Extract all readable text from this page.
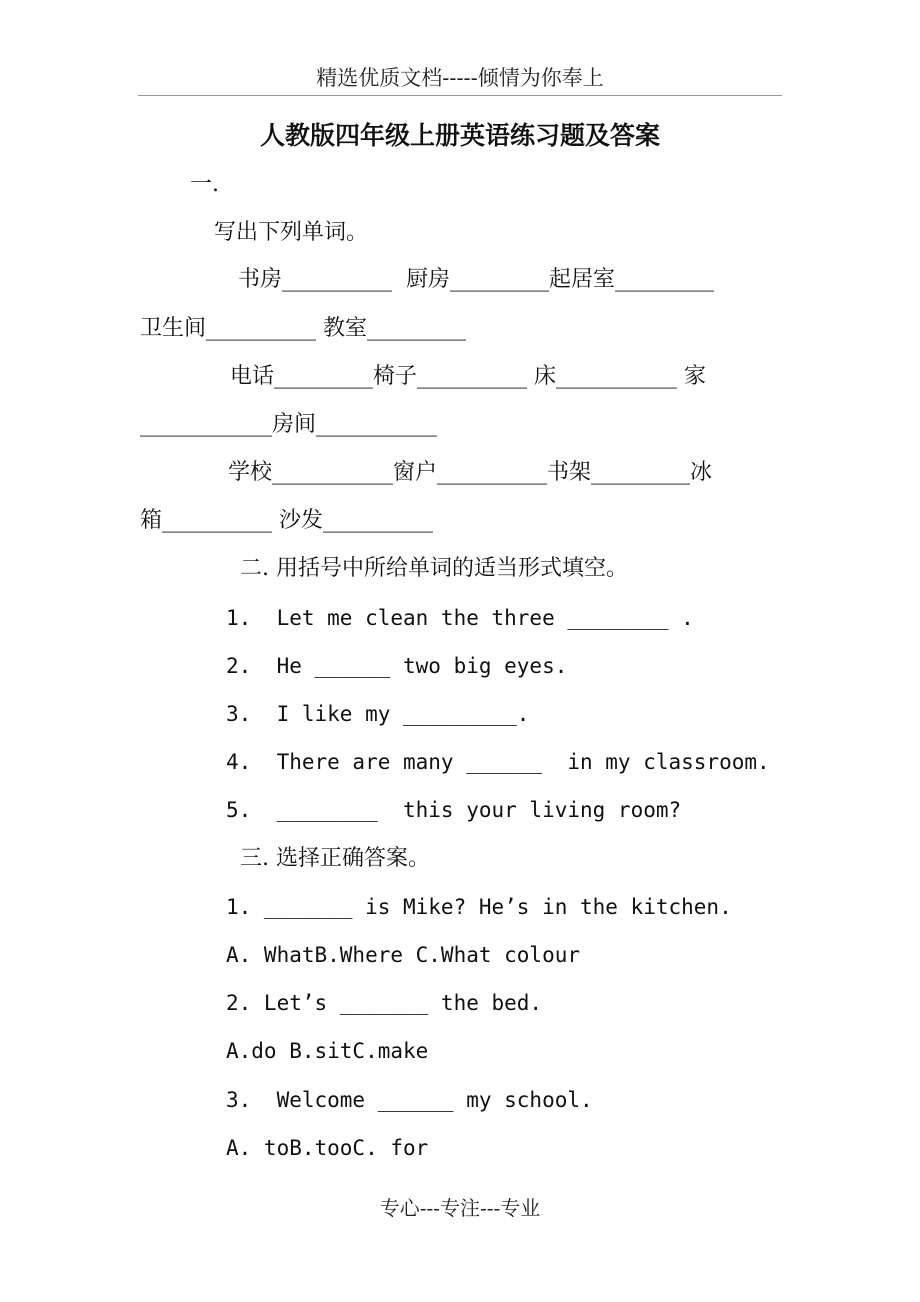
精选优质文档-----倾情为你奉上
人教版四年级上册英语练习题及答案
一.
写出下列单词。
书房__________  厨房_________起居室_________
卫生间__________ 教室_________
电话_________椅子__________ 床___________ 家
____________房间___________
学校___________窗户__________书架_________冰
箱__________ 沙发__________
二. 用括号中所给单词的适当形式填空。
1.  Let me clean the three ________ .
2.  He ______ two big eyes.
3.  I like my _________.
4.  There are many ______  in my classroom.
5.  ________  this your living room?
三. 选择正确答案。
1. _______ is Mike? He’s in the kitchen.
A. WhatB.Where C.What colour
2. Let’s _______ the bed.
A.do B.sitC.make
3.  Welcome ______ my school.
A. toB.tooC. for
专心---专注---专业
